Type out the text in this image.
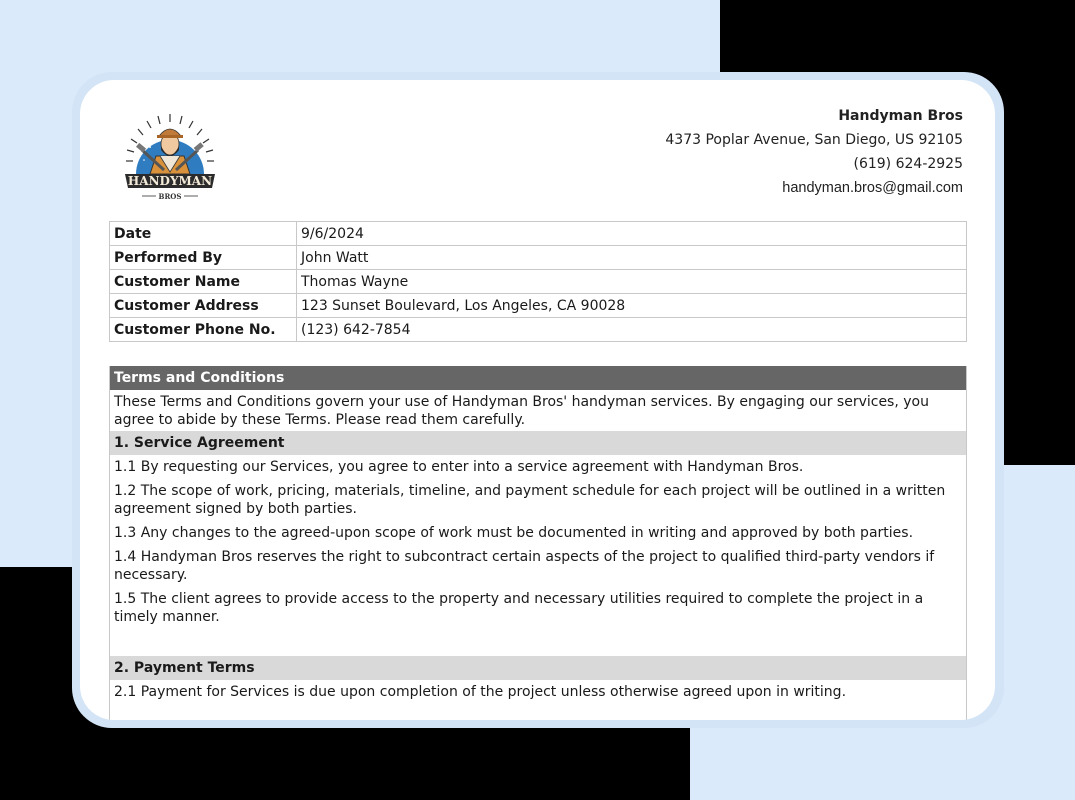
HANDYMAN
BROS
Handyman Bros
4373 Poplar Avenue, San Diego, US 92105
(619) 624-2925
handyman.bros@gmail.com
Date	9/6/2024
Performed By	John Watt
Customer Name	Thomas Wayne
Customer Address	123 Sunset Boulevard, Los Angeles, CA 90028
Customer Phone No.	(123) 642-7854
Terms and Conditions
These Terms and Conditions govern your use of Handyman Bros' handyman services. By engaging our services, you agree to abide by these Terms. Please read them carefully.
1. Service Agreement
1.1 By requesting our Services, you agree to enter into a service agreement with Handyman Bros.
1.2 The scope of work, pricing, materials, timeline, and payment schedule for each project will be outlined in a written agreement signed by both parties.
1.3 Any changes to the agreed-upon scope of work must be documented in writing and approved by both parties.
1.4 Handyman Bros reserves the right to subcontract certain aspects of the project to qualified third-party vendors if necessary.
1.5 The client agrees to provide access to the property and necessary utilities required to complete the project in a timely manner.
2. Payment Terms
2.1 Payment for Services is due upon completion of the project unless otherwise agreed upon in writing.
